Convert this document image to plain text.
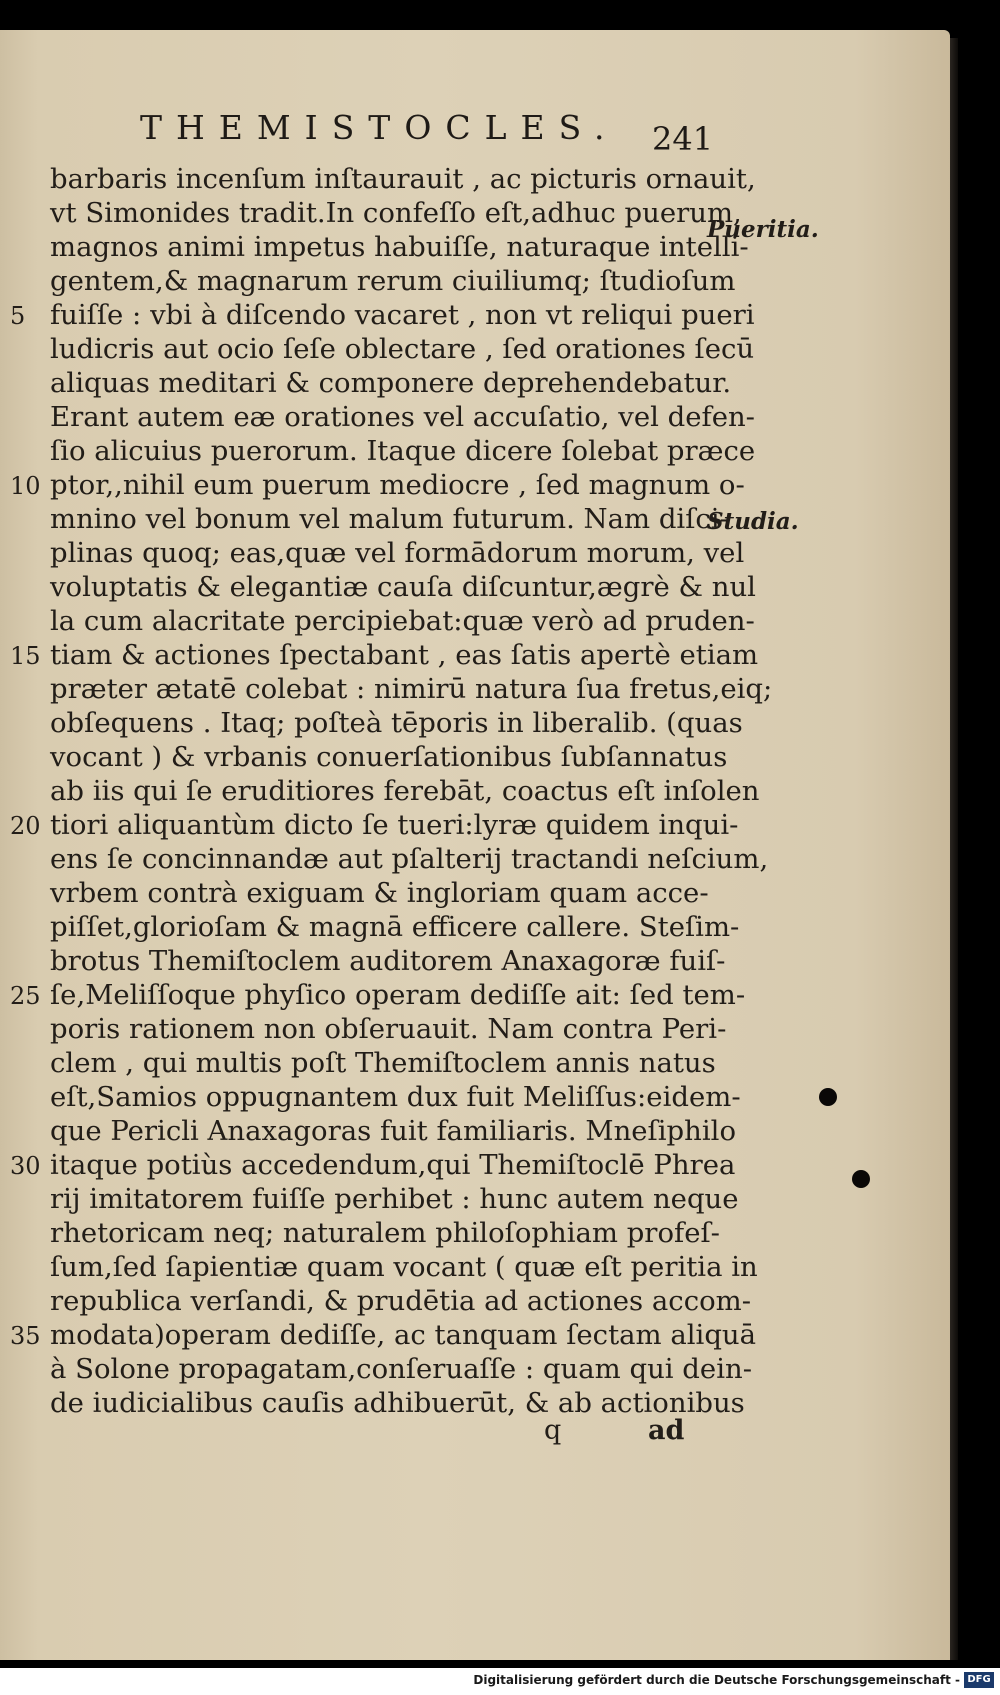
THEMISTOCLES. 241
barbaris incenſum inſtaurauit , ac picturis ornauit,
vt Simonides tradit.In confeſſo eſt,adhuc puerum,
magnos animi impetus habuiſſe, naturaque intelli-
gentem,& magnarum rerum ciuiliumq; ſtudioſum
fuiſſe : vbi à diſcendo vacaret , non vt reliqui pueri
ludicris aut ocio ſeſe oblectare , ſed orationes ſecū
aliquas meditari & componere deprehendebatur.
Erant autem eæ orationes vel accuſatio, vel defen-
ſio alicuius puerorum. Itaque dicere ſolebat præce
ptor,,nihil eum puerum mediocre , ſed magnum o-
mnino vel bonum vel malum futurum. Nam diſci-
plinas quoq; eas,quæ vel formādorum morum, vel
voluptatis & elegantiæ cauſa diſcuntur,ægrè & nul
la cum alacritate percipiebat:quæ verò ad pruden-
tiam & actiones ſpectabant , eas ſatis apertè etiam
præter ætatē colebat : nimirū natura ſua fretus,eiq;
obſequens . Itaq; poſteà tēporis in liberalib. (quas
vocant ) & vrbanis conuerſationibus ſubſannatus
ab iis qui ſe eruditiores ferebāt, coactus eſt inſolen
tiori aliquantùm dicto ſe tueri:lyræ quidem inqui-
ens ſe concinnandæ aut pſalterij tractandi neſcium,
vrbem contrà exiguam & ingloriam quam acce-
piſſet,glorioſam & magnā efficere callere. Steſim-
brotus Themiſtoclem auditorem Anaxagoræ fuiſ-
ſe,Meliſſoque phyſico operam dediſſe ait: ſed tem-
poris rationem non obſeruauit. Nam contra Peri-
clem , qui multis poſt Themiſtoclem annis natus
eſt,Samios oppugnantem dux fuit Meliſſus:eidem-
que Pericli Anaxagoras fuit familiaris. Mneſiphilo
itaque potiùs accedendum,qui Themiſtoclē Phrea
rij imitatorem fuiſſe perhibet : hunc autem neque
rhetoricam neq; naturalem philoſophiam profeſ-
ſum,ſed ſapientiæ quam vocant ( quæ eſt peritia in
republica verſandi, & prudētia ad actiones accom-
modata)operam dediſſe, ac tanquam ſectam aliquā
à Solone propagatam,conſeruaſſe : quam qui dein-
de iudicialibus cauſis adhibuerūt, & ab actionibus
5
10
15
20
25
30
35
Pueritia.
Studia.
q	ad
Digitalisierung gefördert durch die Deutsche Forschungsgemeinschaft - DFG
